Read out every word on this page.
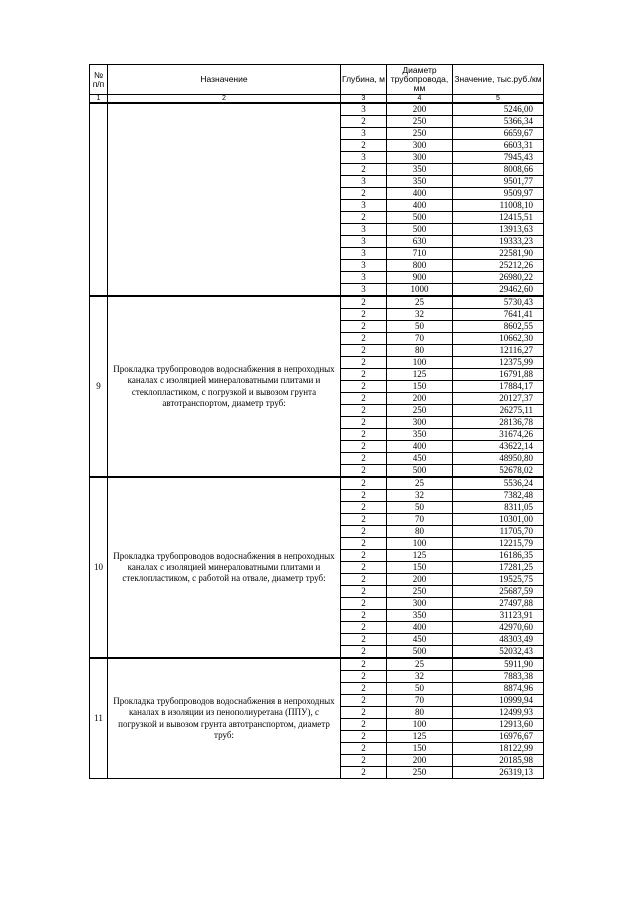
№ п/п	Назначение	Глубина, м	Диаметр трубопровода, мм	Значение, тыс.руб./км
1	2	3	4	5
		3	200	5246,00
		2	250	5366,34
		3	250	6659,67
		2	300	6603,31
		3	300	7945,43
		2	350	8008,66
		3	350	9501,77
		2	400	9509,97
		3	400	11008,10
		2	500	12415,51
		3	500	13913,63
		3	630	19333,23
		3	710	22581,90
		3	800	25212,26
		3	900	26980,22
		3	1000	29462,60
9	Прокладка трубопроводов водоснабжения в непроходных каналах с изоляцией минераловатными плитами и стеклопластиком, с погрузкой и вывозом грунта автотранспортом, диаметр труб:	2	25	5730,43
		2	32	7641,41
		2	50	8602,55
		2	70	10662,30
		2	80	12116,27
		2	100	12375,99
		2	125	16791,88
		2	150	17884,17
		2	200	20127,37
		2	250	26275,11
		2	300	28136,78
		2	350	31674,26
		2	400	43622,14
		2	450	48950,80
		2	500	52678,02
10	Прокладка трубопроводов водоснабжения в непроходных каналах с изоляцией минераловатными плитами и стеклопластиком, с работой на отвале, диаметр труб:	2	25	5536,24
		2	32	7382,48
		2	50	8311,05
		2	70	10301,00
		2	80	11705,70
		2	100	12215,79
		2	125	16186,35
		2	150	17281,25
		2	200	19525,75
		2	250	25687,59
		2	300	27497,88
		2	350	31123,91
		2	400	42970,60
		2	450	48303,49
		2	500	52032,43
11	Прокладка трубопроводов водоснабжения в непроходных каналах в изоляции из пенополиуретана (ППУ), с погрузкой и вывозом грунта автотранспортом, диаметр труб:	2	25	5911,90
		2	32	7883,38
		2	50	8874,96
		2	70	10999,94
		2	80	12499,93
		2	100	12913,60
		2	125	16976,67
		2	150	18122,99
		2	200	20185,98
		2	250	26319,13
